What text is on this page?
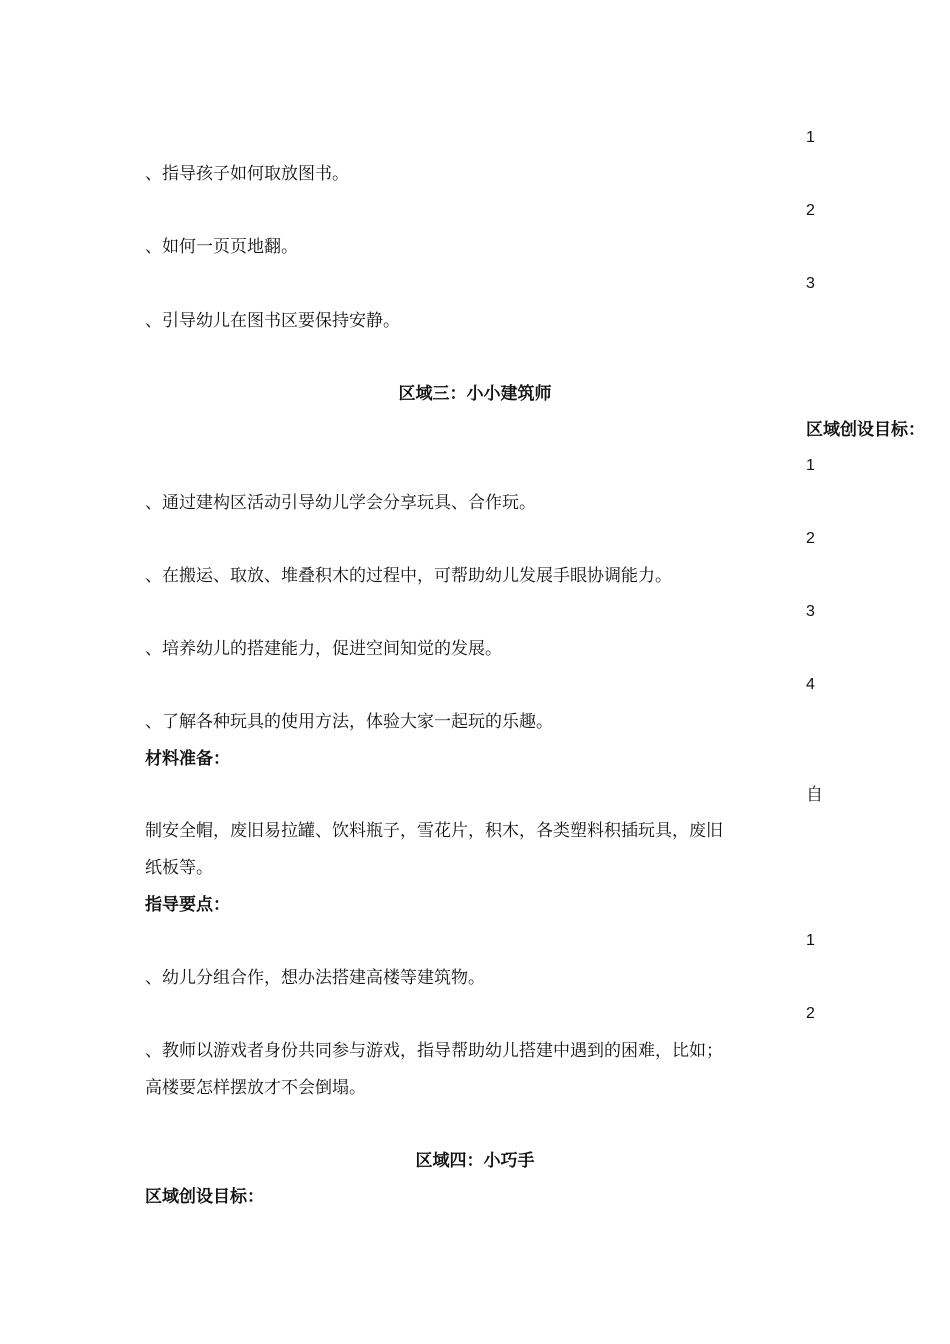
1
、指导孩子如何取放图书。
2
、如何一页页地翻。
3
、引导幼儿在图书区要保持安静。
区域三：小小建筑师
区域创设目标：
1
、通过建构区活动引导幼儿学会分享玩具、合作玩。
2
、在搬运、取放、堆叠积木的过程中，可帮助幼儿发展手眼协调能力。
3
、培养幼儿的搭建能力，促进空间知觉的发展。
4
、了解各种玩具的使用方法，体验大家一起玩的乐趣。
材料准备：
自
制安全帽，废旧易拉罐、饮料瓶子，雪花片，积木，各类塑料积插玩具，废旧
纸板等。
指导要点：
1
、幼儿分组合作，想办法搭建高楼等建筑物。
2
、教师以游戏者身份共同参与游戏，指导帮助幼儿搭建中遇到的困难，比如；
高楼要怎样摆放才不会倒塌。
区域四：小巧手
区域创设目标：
